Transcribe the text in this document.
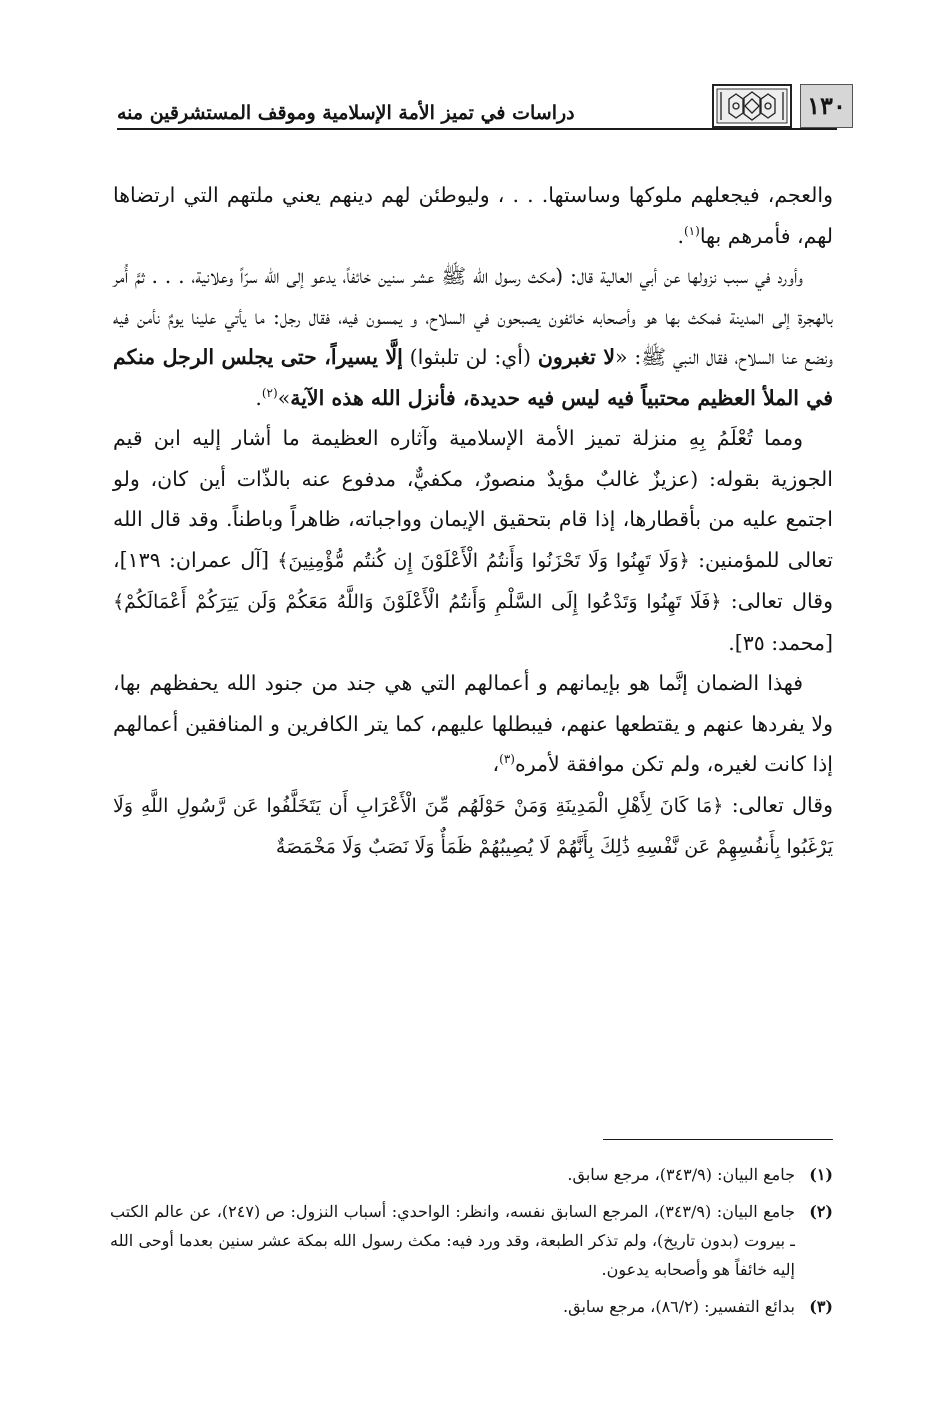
دراسات في تميز الأمة الإسلامية وموقف المستشرقين منه	١٣٠

والعجم، فيجعلهم ملوكها وساستها. . . ، وليوطئن لهم دينهم يعني ملتهم التي ارتضاها لهم، فأمرهم بها$^{(١)}$.

وأورد في سبب نزولها عن أبي العالية قال: (مكث رسول الله ﷺ عشر سنين خائفاً، يدعو إلى الله سرّاً وعلانية، . . . ثمَّ أُمر بالهجرة إلى المدينة فمكث بها هو وأصحابه خائفون يصبحون في السلاح، و يمسون فيه، فقال رجل: ما يأتي علينا يومٌ نأمن فيه ونضع عنا السلاح، فقال النبي ﷺ: «لا تغبرون (أي: لن تلبثوا) إلَّا يسيراً، حتى يجلس الرجل منكم في الملأ العظيم محتبياً فيه ليس فيه حديدة، فأنزل الله هذه الآية»$^{(٢)}$.

ومما تُعْلَمُ بِهِ منزلة تميز الأمة الإسلامية وآثاره العظيمة ما أشار إليه ابن قيم الجوزية بقوله: (عزيزٌ غالبٌ مؤيدٌ منصورٌ، مكفيٌّ، مدفوع عنه بالذّات أين كان، ولو اجتمع عليه من بأقطارها، إذا قام بتحقيق الإيمان وواجباته، ظاهراً وباطناً. وقد قال الله تعالى للمؤمنين: ﴿وَلَا تَهِنُوا وَلَا تَحْزَنُوا وَأَنتُمُ الْأَعْلَوْنَ إِن كُنتُم مُّؤْمِنِينَ﴾ [آل عمران: ١٣٩]، وقال تعالى: ﴿فَلَا تَهِنُوا وَتَدْعُوا إِلَى السَّلْمِ وَأَنتُمُ الْأَعْلَوْنَ وَاللَّهُ مَعَكُمْ وَلَن يَتِرَكُمْ أَعْمَالَكُمْ﴾ [محمد: ٣٥].

فهذا الضمان إنَّما هو بإيمانهم و أعمالهم التي هي جند من جنود الله يحفظهم بها، ولا يفردها عنهم و يقتطعها عنهم، فيبطلها عليهم، كما يتر الكافرين و المنافقين أعمالهم إذا كانت لغيره، ولم تكن موافقة لأمره$^{(٣)}$،

وقال تعالى: ﴿مَا كَانَ لِأَهْلِ الْمَدِينَةِ وَمَنْ حَوْلَهُم مِّنَ الْأَعْرَابِ أَن يَتَخَلَّفُوا عَن رَّسُولِ اللَّهِ وَلَا يَرْغَبُوا بِأَنفُسِهِمْ عَن نَّفْسِهِ ذَٰلِكَ بِأَنَّهُمْ لَا يُصِيبُهُمْ ظَمَأٌ وَلَا نَصَبٌ وَلَا مَخْمَصَةٌ

(١)
جامع البيان: (٣٤٣/٩)، مرجع سابق.
(٢)
جامع البيان: (٣٤٣/٩)، المرجع السابق نفسه، وانظر: الواحدي: أسباب النزول: ص (٢٤٧)، عن عالم الكتب ـ بيروت (بدون تاريخ)، ولم تذكر الطبعة، وقد ورد فيه: مكث رسول الله بمكة عشر سنين بعدما أوحى الله إليه خائفاً هو وأصحابه يدعون.
(٣)
بدائع التفسير: (٨٦/٢)، مرجع سابق.
